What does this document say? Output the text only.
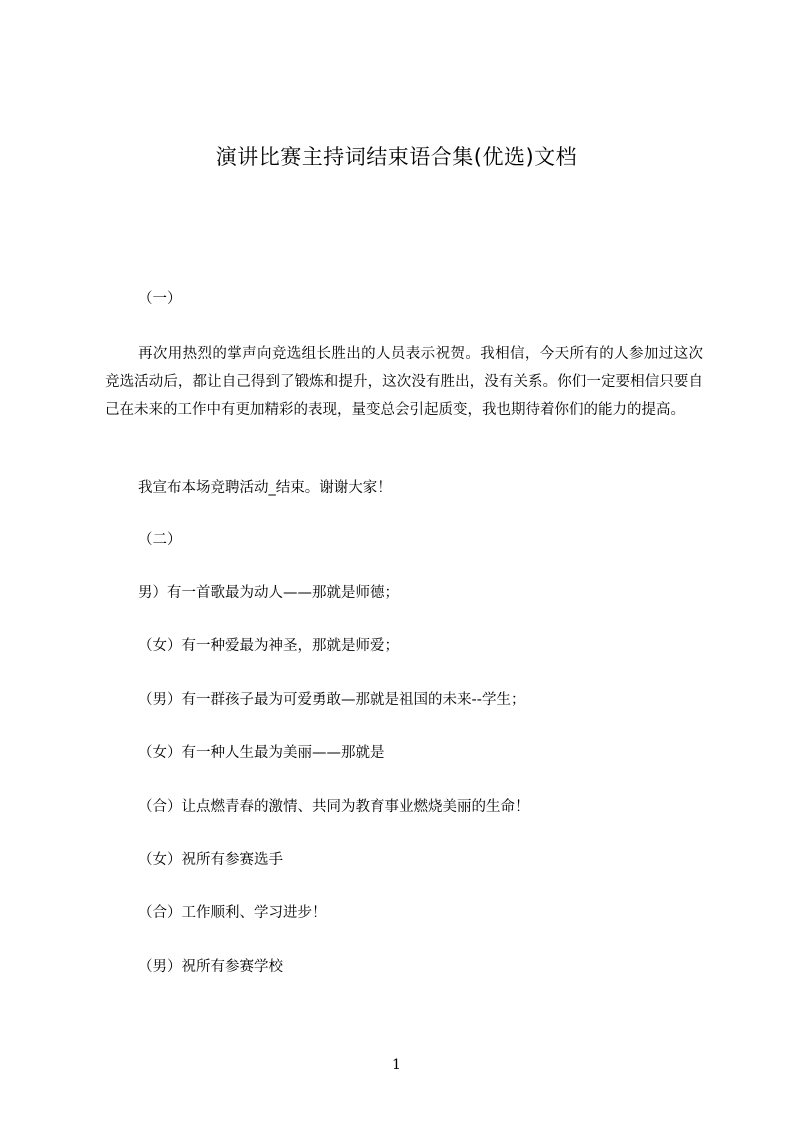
演讲比赛主持词结束语合集(优选)文档

（一）

再次用热烈的掌声向竞选组长胜出的人员表示祝贺。我相信，今天所有的人参加过这次竞选活动后，都让自己得到了锻炼和提升，这次没有胜出，没有关系。你们一定要相信只要自己在未来的工作中有更加精彩的表现，量变总会引起质变，我也期待着你们的能力的提高。

我宣布本场竞聘活动_结束。谢谢大家！

（二）

男）有一首歌最为动人——那就是师德；

（女）有一种爱最为神圣，那就是师爱；

（男）有一群孩子最为可爱勇敢—那就是祖国的未来--学生；

（女）有一种人生最为美丽——那就是

（合）让点燃青春的激情、共同为教育事业燃烧美丽的生命！

（女）祝所有参赛选手

（合）工作顺利、学习进步！

（男）祝所有参赛学校

1
